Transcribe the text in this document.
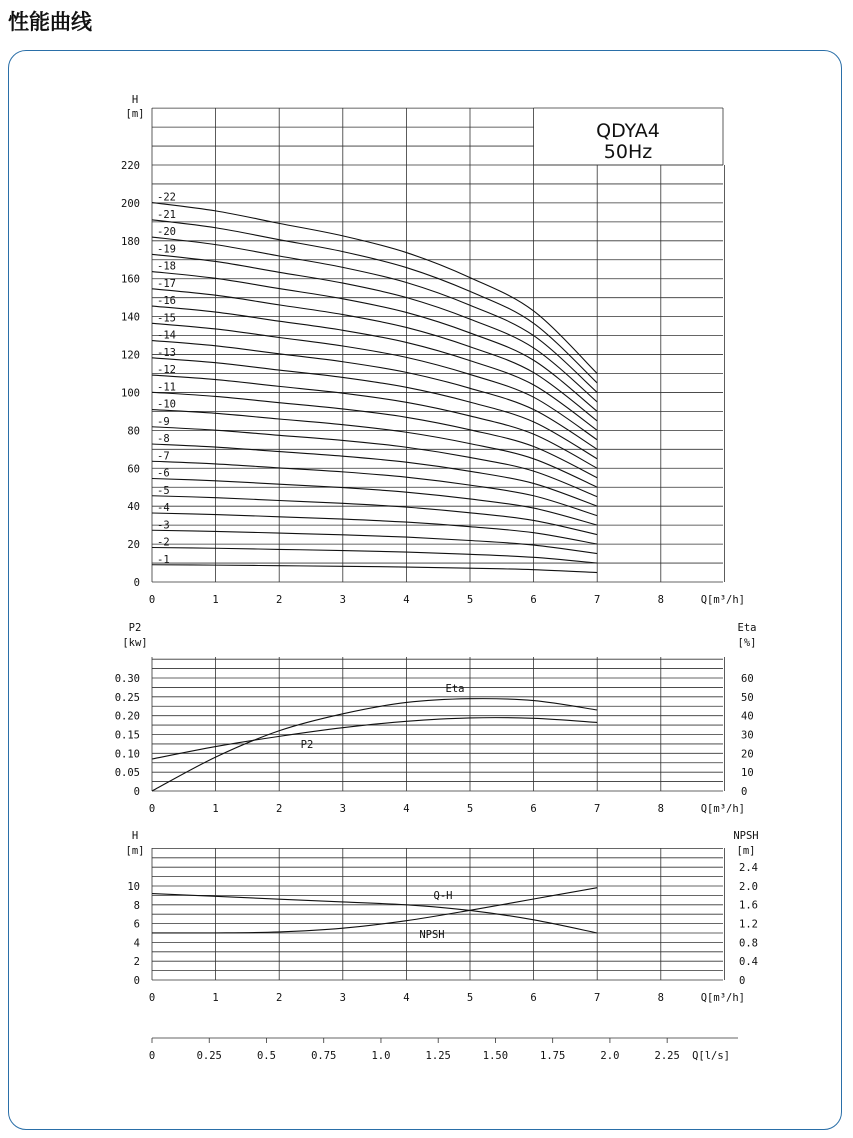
性能曲线
QDYA4
50Hz
H
[m]
0
20
40
60
80
100
120
140
160
180
200
220
0	1	2	3	4	5	6	7	8	Q[m³/h]
-1
-2
-3
-4
-5
-6
-7
-8
-9
-10
-11
-12
-13
-14
-15
-16
-17
-18
-19
-20
-21
-22
P2
[kw]
Eta
[%]
0
0.05
0.10
0.15
0.20
0.25
0.30
0
10
20
30
40
50
60
0	1	2	3	4	5	6	7	8	Q[m³/h]
Eta
P2
H
[m]
NPSH
[m]
0
2
4
6
8
10
0
0.4
0.8
1.2
1.6
2.0
2.4
0	1	2	3	4	5	6	7	8	Q[m³/h]
Q-H
NPSH
0	0.25	0.5	0.75	1.0	1.25	1.50	1.75	2.0	2.25 Q[l/s]
